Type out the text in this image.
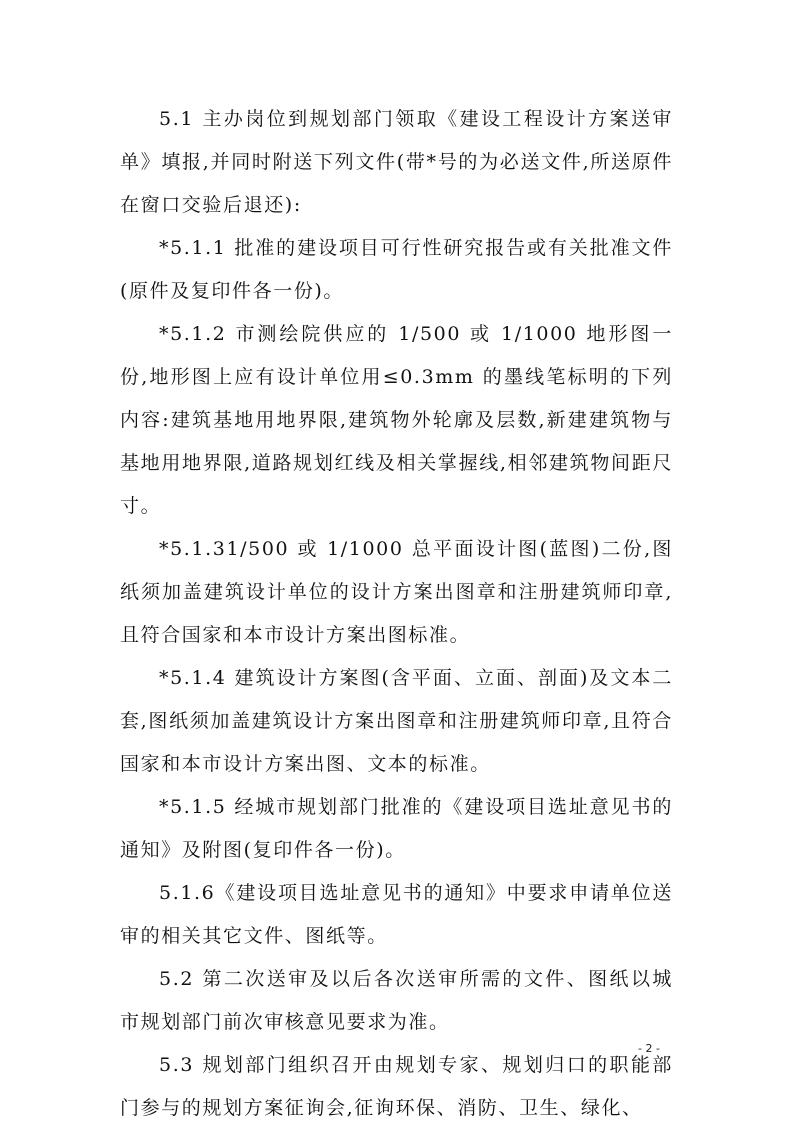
5.1 主办岗位到规划部门领取《建设工程设计方案送审单》填报,并同时附送下列文件(带*号的为必送文件,所送原件在窗口交验后退还):

*5.1.1 批准的建设项目可行性研究报告或有关批准文件(原件及复印件各一份)。

*5.1.2 市测绘院供应的 1/500 或 1/1000 地形图一份,地形图上应有设计单位用≤0.3mm 的墨线笔标明的下列内容:建筑基地用地界限,建筑物外轮廓及层数,新建建筑物与基地用地界限,道路规划红线及相关掌握线,相邻建筑物间距尺寸。

*5.1.31/500 或 1/1000 总平面设计图(蓝图)二份,图纸须加盖建筑设计单位的设计方案出图章和注册建筑师印章,且符合国家和本市设计方案出图标准。

*5.1.4 建筑设计方案图(含平面、立面、剖面)及文本二套,图纸须加盖建筑设计方案出图章和注册建筑师印章,且符合国家和本市设计方案出图、文本的标准。

*5.1.5 经城市规划部门批准的《建设项目选址意见书的通知》及附图(复印件各一份)。

5.1.6《建设项目选址意见书的通知》中要求申请单位送审的相关其它文件、图纸等。

5.2 第二次送审及以后各次送审所需的文件、图纸以城市规划部门前次审核意见要求为准。

5.3 规划部门组织召开由规划专家、规划归口的职能部门参与的规划方案征询会,征询环保、消防、卫生、绿化、

- 2 -
